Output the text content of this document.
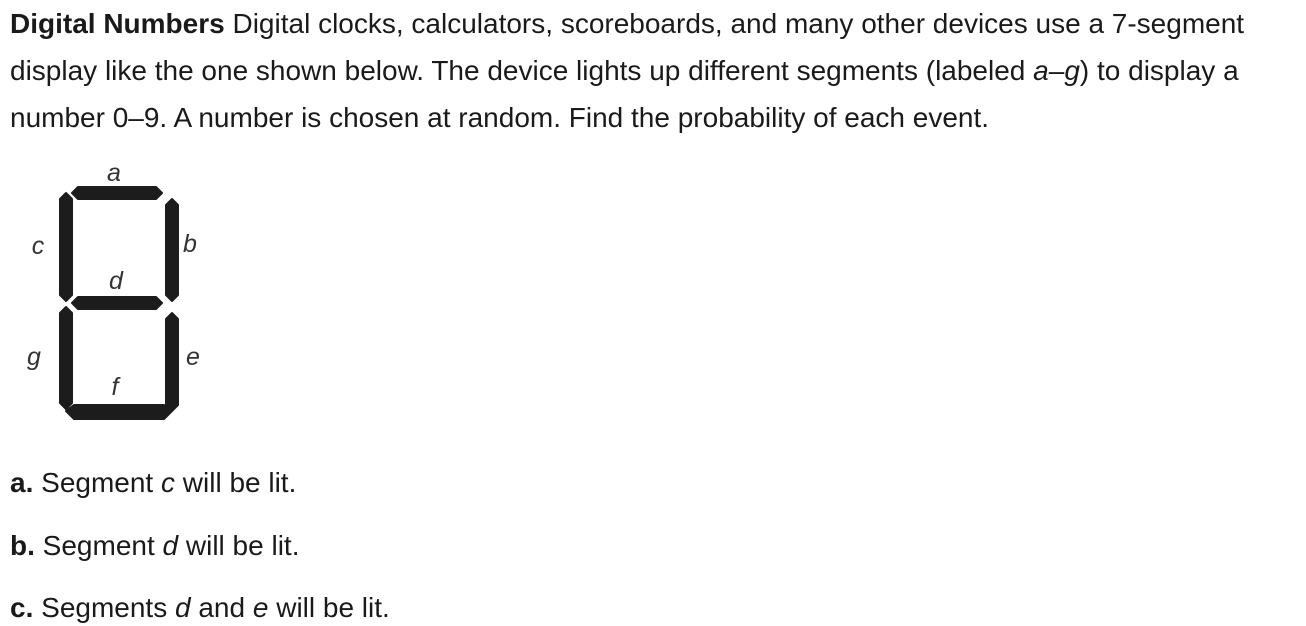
Digital Numbers Digital clocks, calculators, scoreboards, and many other devices use a 7-segment display like the one shown below. The device lights up different segments (labeled a–g) to display a number 0–9. A number is chosen at random. Find the probability of each event.

a
b
c
d
e
f
g

a. Segment c will be lit.

b. Segment d will be lit.

c. Segments d and e will be lit.
